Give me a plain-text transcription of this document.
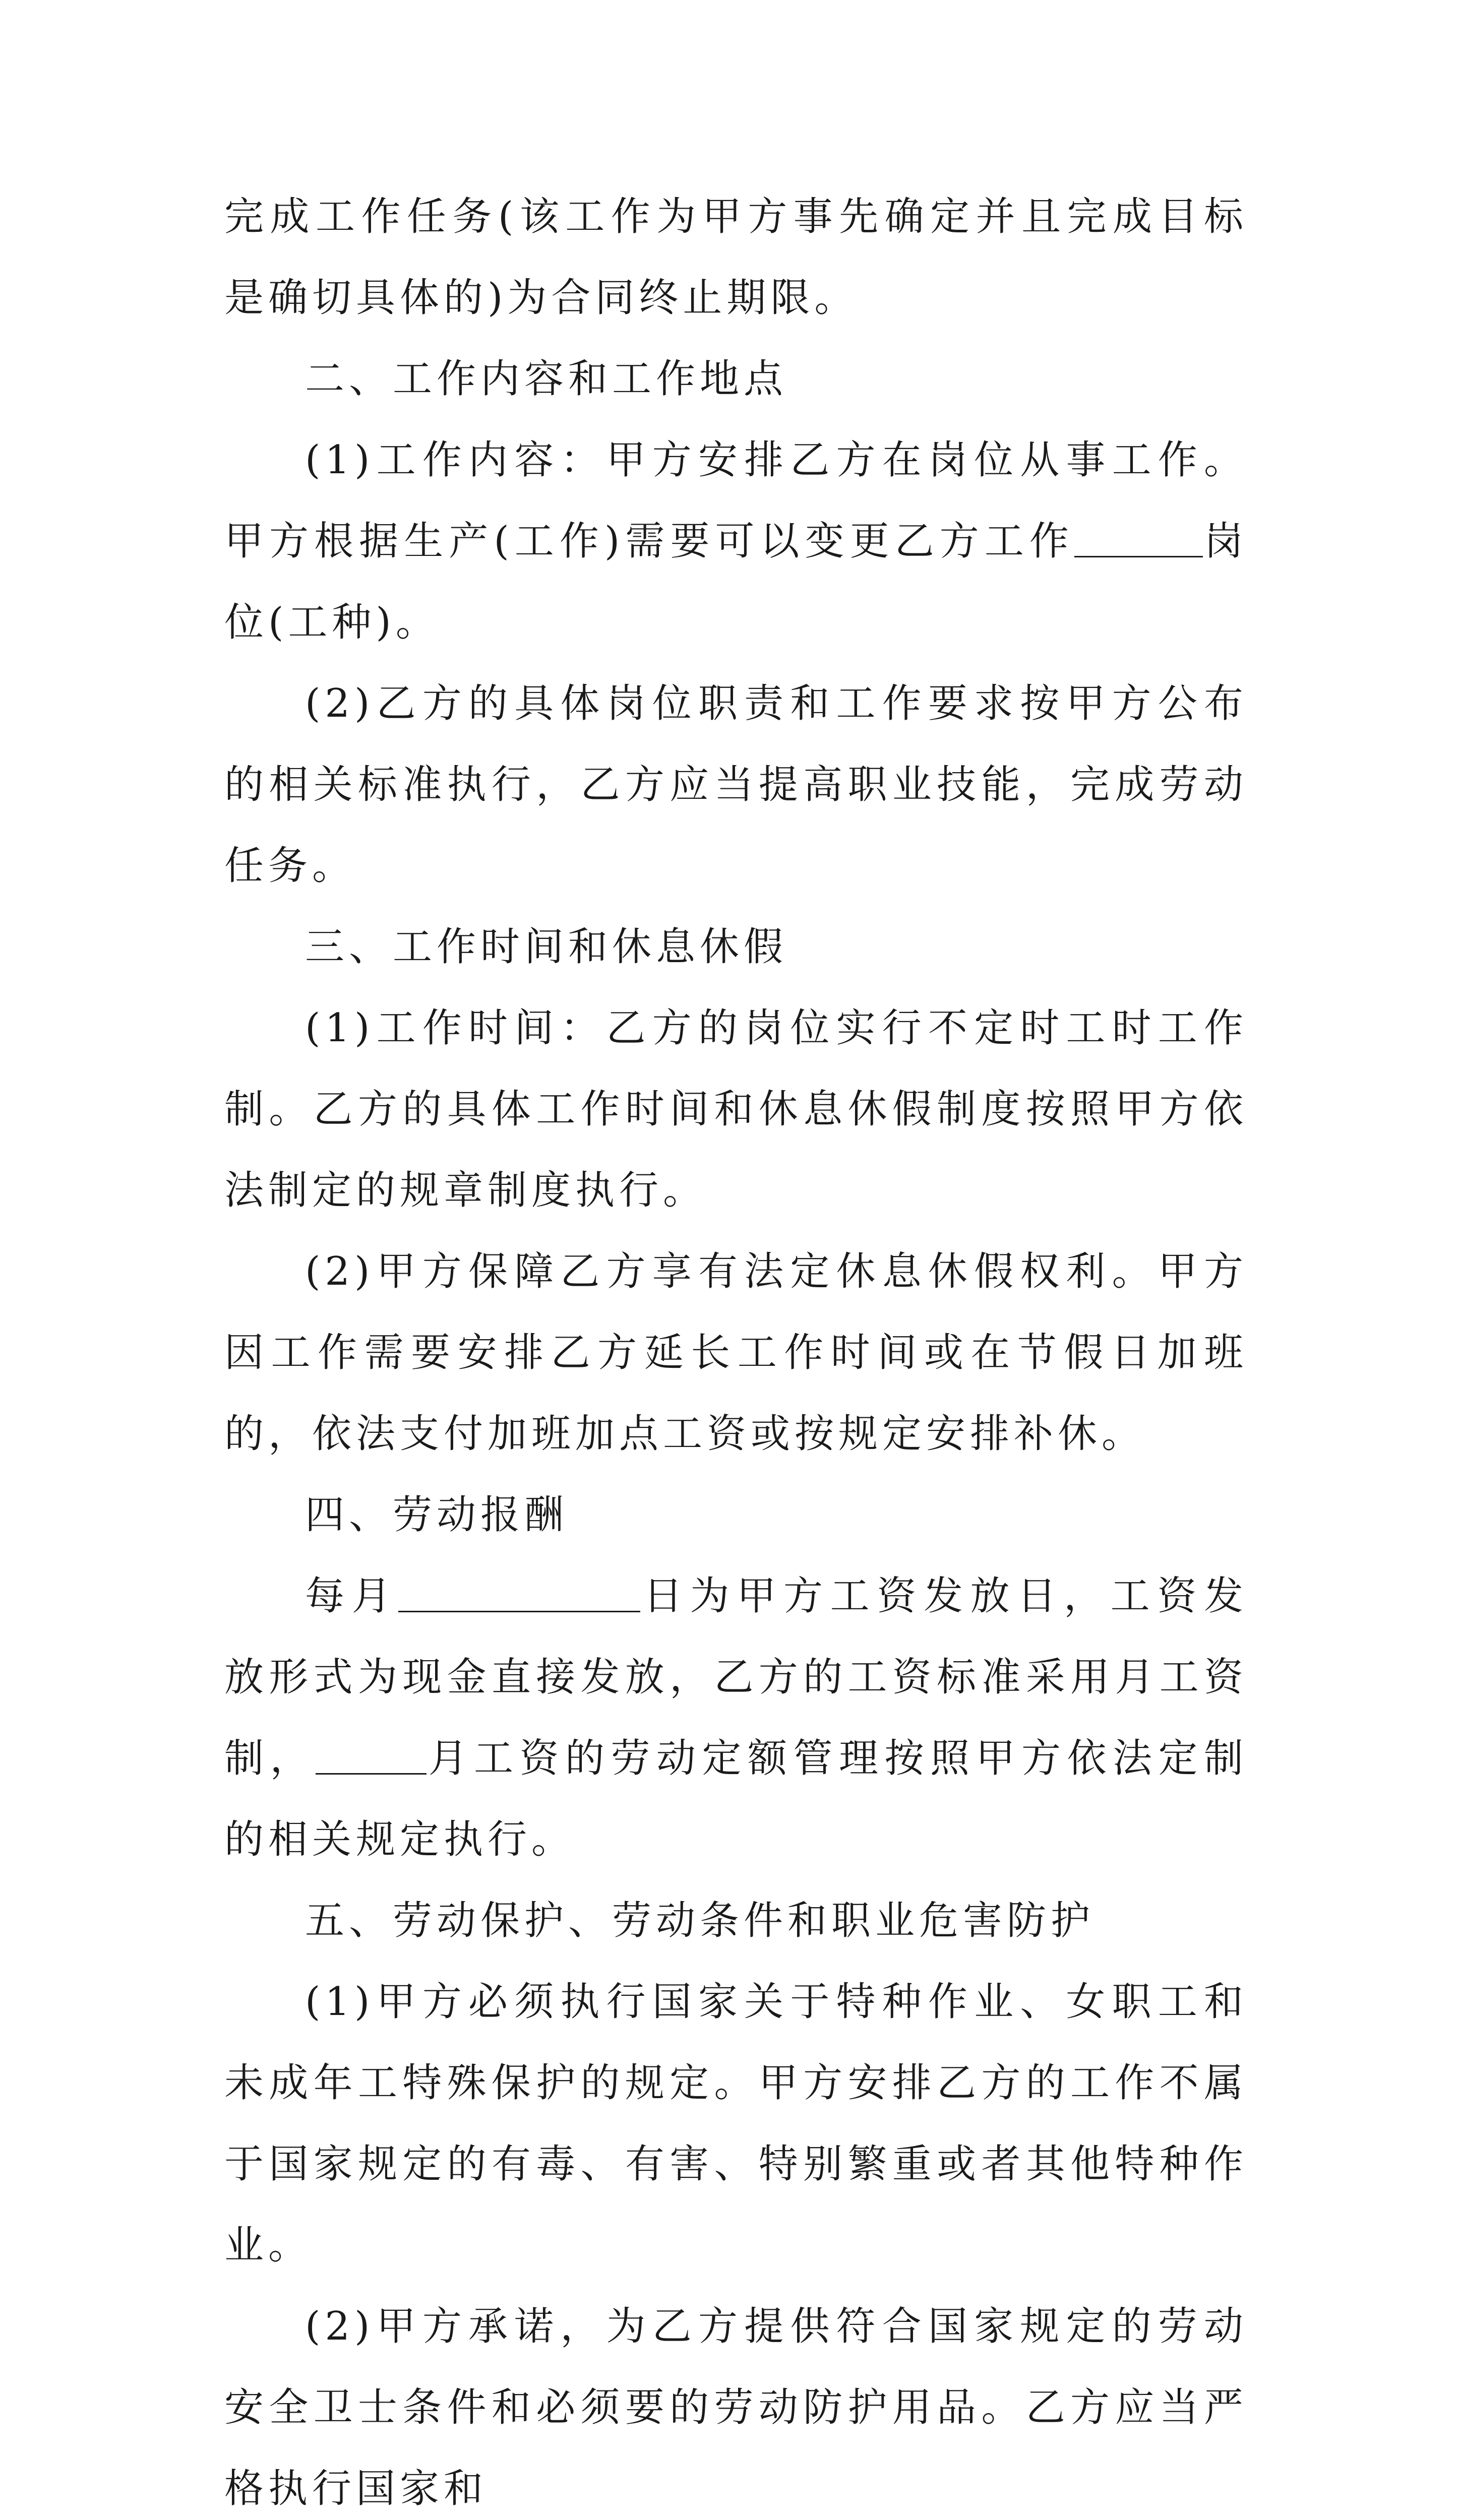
完成工作任务(该工作为甲方事先确定并且完成目标是确切具体的)为合同终止期限。

二、工作内容和工作地点

(1)工作内容：甲方安排乙方在岗位从事工作。甲方根据生产(工作)需要可以变更乙方工作	岗位(工种)。

(2)乙方的具体岗位职责和工作要求按甲方公布的相关标准执行，乙方应当提高职业技能，完成劳动任务。

三、工作时间和休息休假

(1)工作时间：乙方的岗位实行不定时工时工作制。乙方的具体工作时间和休息休假制度按照甲方依法制定的规章制度执行。

(2)甲方保障乙方享有法定休息休假权利。甲方因工作需要安排乙方延长工作时间或在节假日加班的，依法支付加班加点工资或按规定安排补休。

四、劳动报酬

每月	日为甲方工资发放日，工资发放形式为现金直接发放，乙方的工资标准采用月工资制，	月工资的劳动定额管理按照甲方依法定制的相关规定执行。

五、劳动保护、劳动条件和职业危害防护

(1)甲方必须执行国家关于特种作业、女职工和未成年工特殊保护的规定。甲方安排乙方的工作不属于国家规定的有毒、有害、特别繁重或者其他特种作业。

(2)甲方承诺，为乙方提供符合国家规定的劳动安全卫士条件和必须要的劳动防护用品。乙方应当严格执行国家和
